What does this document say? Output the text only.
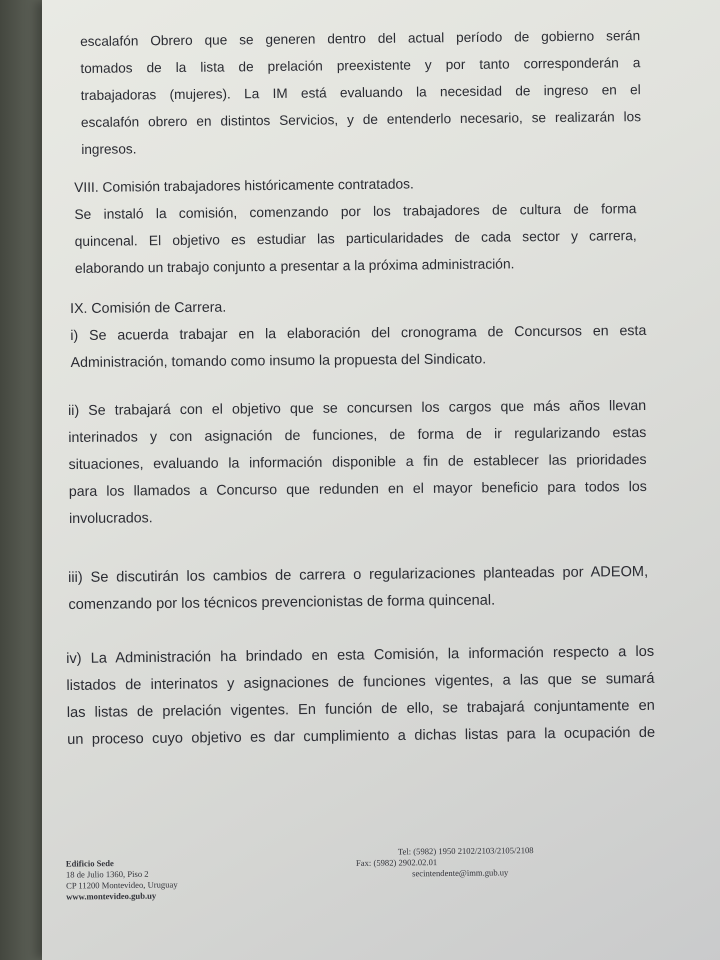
escalafón Obrero que se generen dentro del actual período de gobierno serán
tomados de la lista de prelación preexistente y por tanto corresponderán a
trabajadoras (mujeres). La IM está evaluando la necesidad de ingreso en el
escalafón obrero en distintos Servicios, y de entenderlo necesario, se realizarán los
ingresos.
VIII. Comisión trabajadores históricamente contratados.
Se instaló la comisión, comenzando por los trabajadores de cultura de forma
quincenal. El objetivo es estudiar las particularidades de cada sector y carrera,
elaborando un trabajo conjunto a presentar a la próxima administración.
IX. Comisión de Carrera.
i) Se acuerda trabajar en la elaboración del cronograma de Concursos en esta
Administración, tomando como insumo la propuesta del Sindicato.
ii) Se trabajará con el objetivo que se concursen los cargos que más años llevan
interinados y con asignación de funciones, de forma de ir regularizando estas
situaciones, evaluando la información disponible a fin de establecer las prioridades
para los llamados a Concurso que redunden en el mayor beneficio para todos los
involucrados.
iii) Se discutirán los cambios de carrera o regularizaciones planteadas por ADEOM,
comenzando por los técnicos prevencionistas de forma quincenal.
iv) La Administración ha brindado en esta Comisión, la información respecto a los
listados de interinatos y asignaciones de funciones vigentes, a las que se sumará
las listas de prelación vigentes. En función de ello, se trabajará conjuntamente en
un proceso cuyo objetivo es dar cumplimiento a dichas listas para la ocupación de
Edificio Sede
18 de Julio 1360, Piso 2
CP 11200 Montevideo, Uruguay
www.montevideo.gub.uy
Tel: (5982) 1950 2102/2103/2105/2108
Fax: (5982) 2902.02.01
secintendente@imm.gub.uy
